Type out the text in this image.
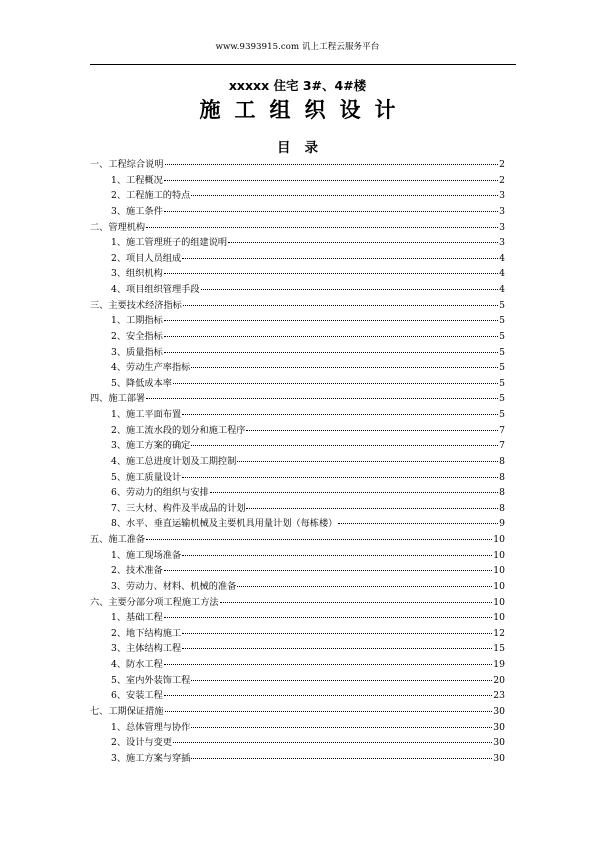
www.9393915.com 讥上工程云服务平台
xxxxx 住宅 3#、4#楼
施工组织设计
目录
一、工程综合说明	2
1、工程概况	2
2、工程施工的特点	3
3、施工条件	3
二、管理机构	3
1、施工管理班子的组建说明	3
2、项目人员组成	4
3、组织机构	4
4、项目组织管理手段	4
三、主要技术经济指标	5
1、工期指标	5
2、安全指标	5
3、质量指标	5
4、劳动生产率指标	5
5、降低成本率	5
四、施工部署	5
1、施工平面布置	5
2、施工流水段的划分和施工程序	7
3、施工方案的确定	7
4、施工总进度计划及工期控制	8
5、施工质量设计	8
6、劳动力的组织与安排	8
7、三大材、构件及半成品的计划	8
8、水平、垂直运输机械及主要机具用量计划（每栋楼）	9
五、施工准备	10
1、施工现场准备	10
2、技术准备	10
3、劳动力、材料、机械的准备	10
六、主要分部分项工程施工方法	10
1、基础工程	10
2、地下结构施工	12
3、主体结构工程	15
4、防水工程	19
5、室内外装饰工程	20
6、安装工程	23
七、工期保证措施	30
1、总体管理与协作	30
2、设计与变更	30
3、施工方案与穿插	30
